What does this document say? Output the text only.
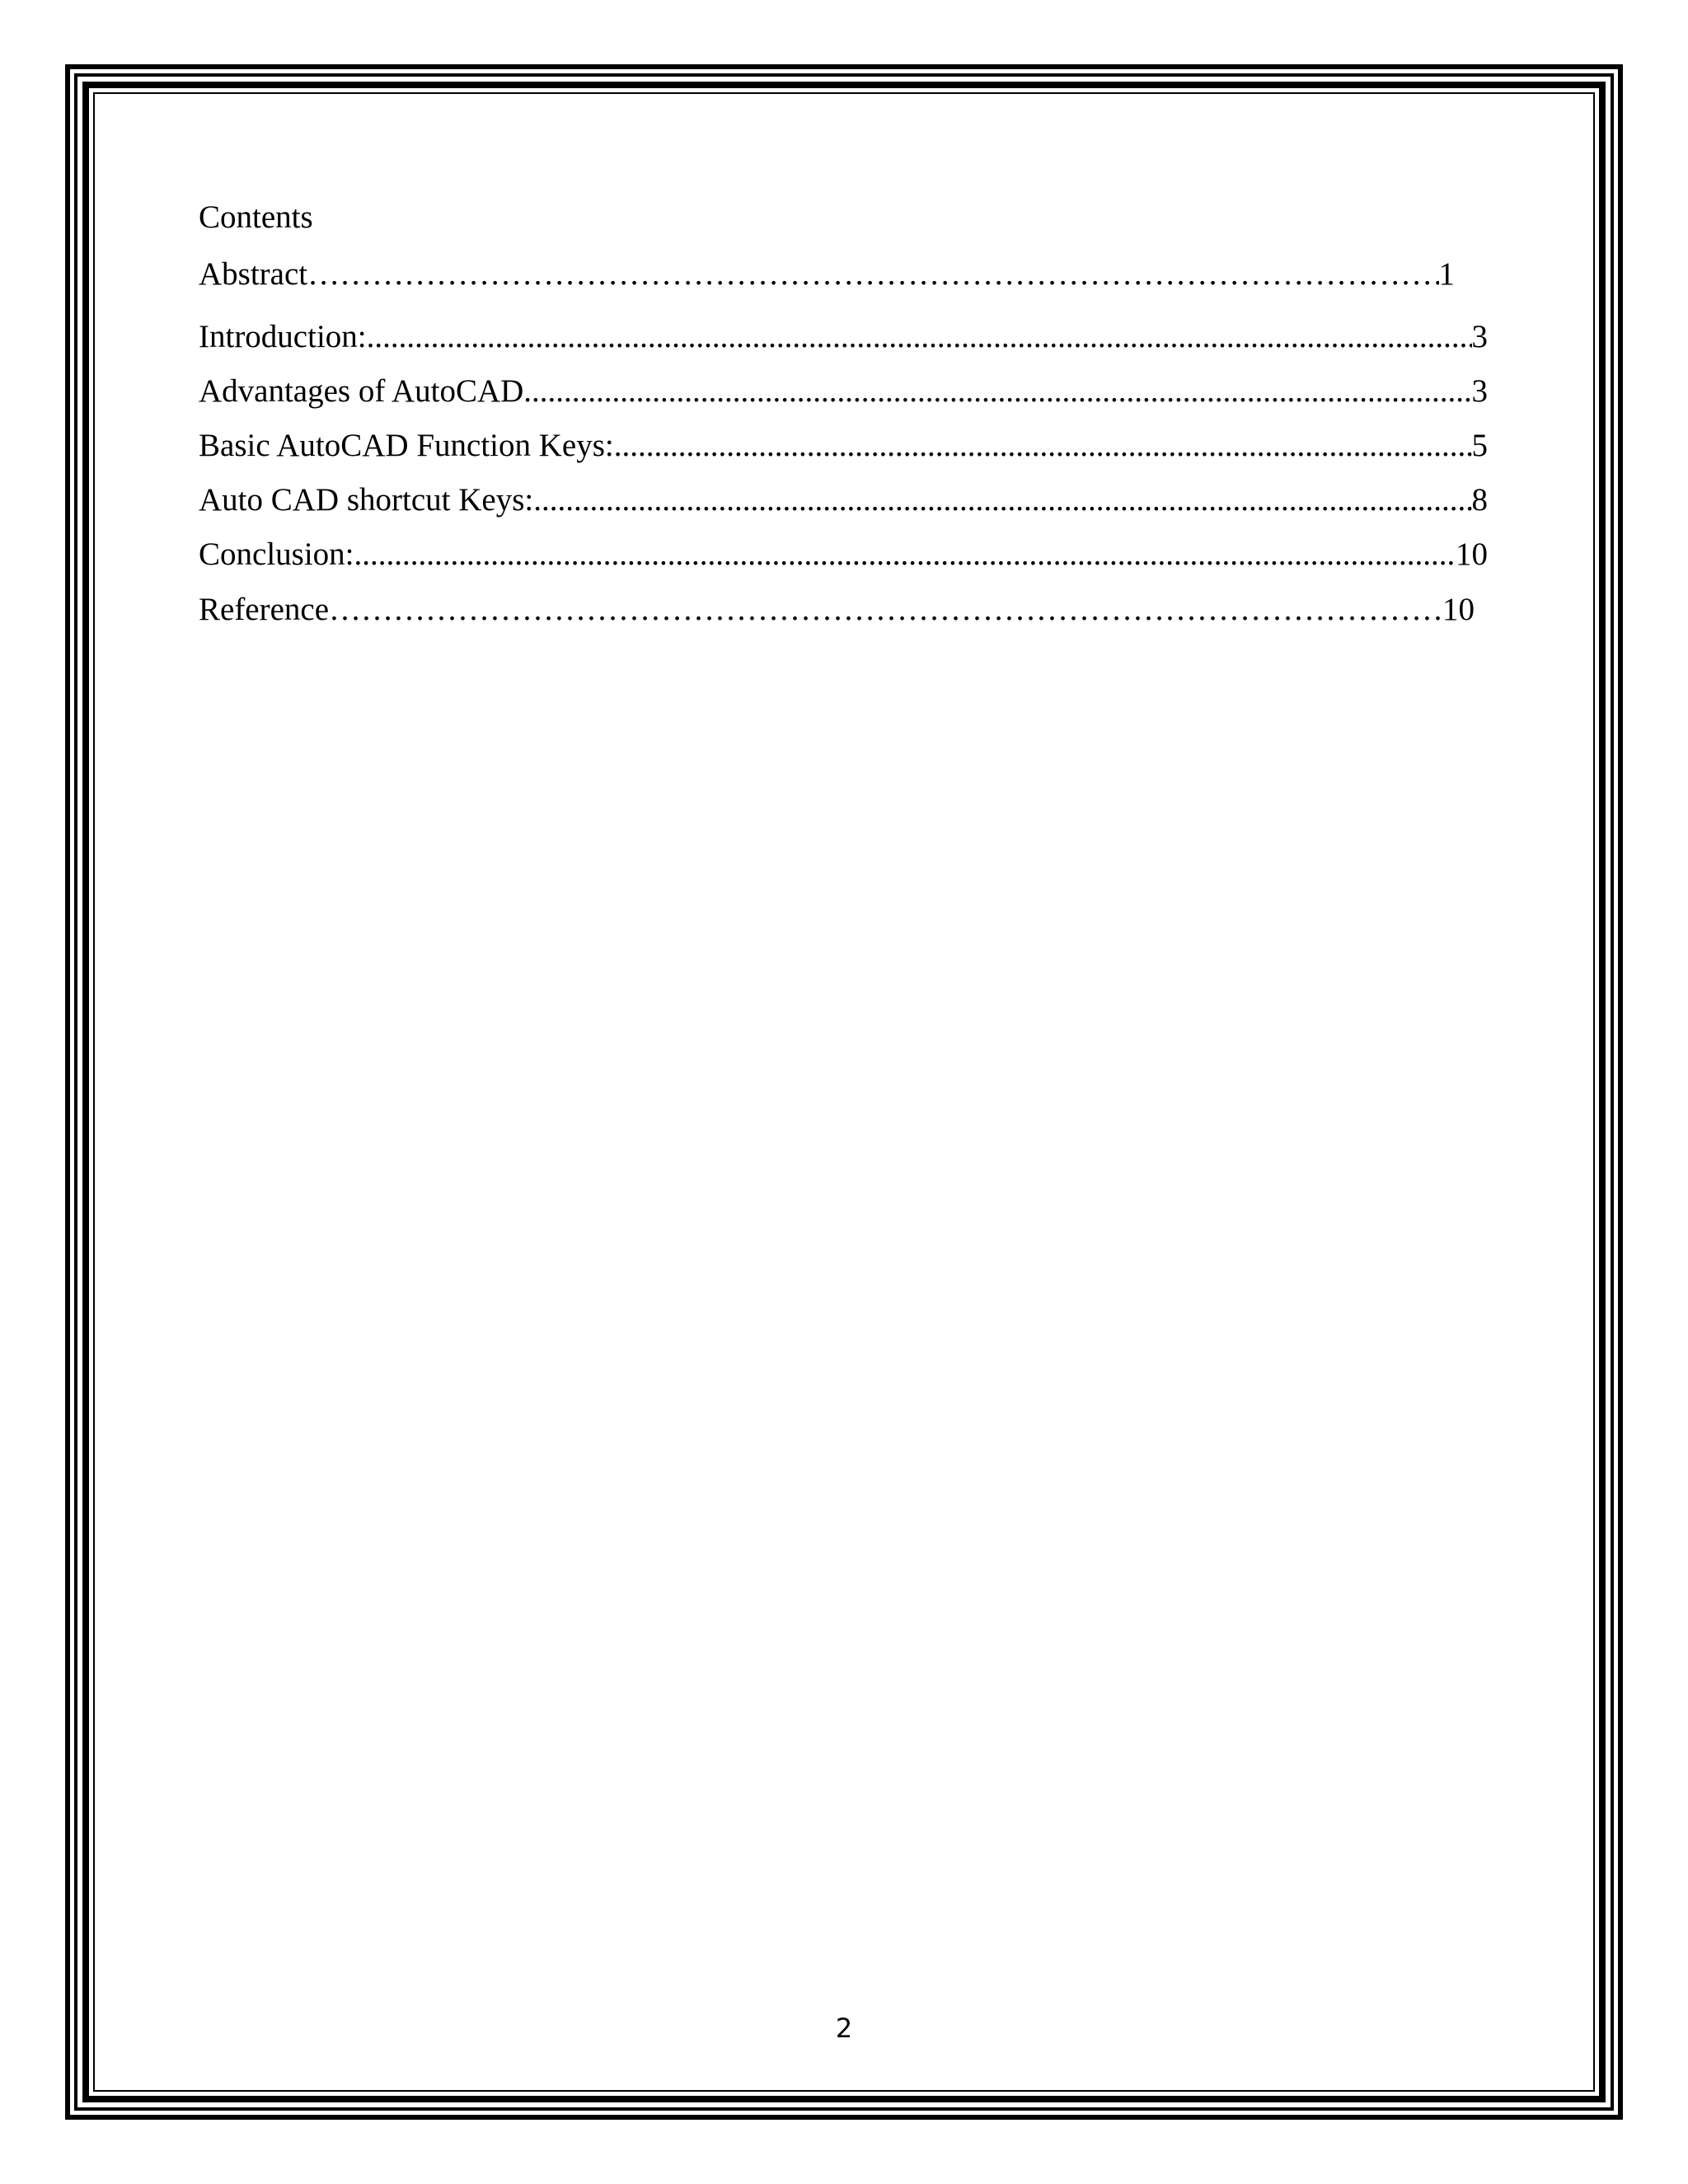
Contents
Abstract …………………………………………………………………………………………………………………………………………………………………………………………………	1
Introduction: .....	3
Advantages of AutoCAD .....	3
Basic AutoCAD Function Keys: .....	5
Auto CAD shortcut Keys: .....	8
Conclusion: .....	10
Reference …………………………………………………………………………………………………………………………………………………………………………………………………	10
2
